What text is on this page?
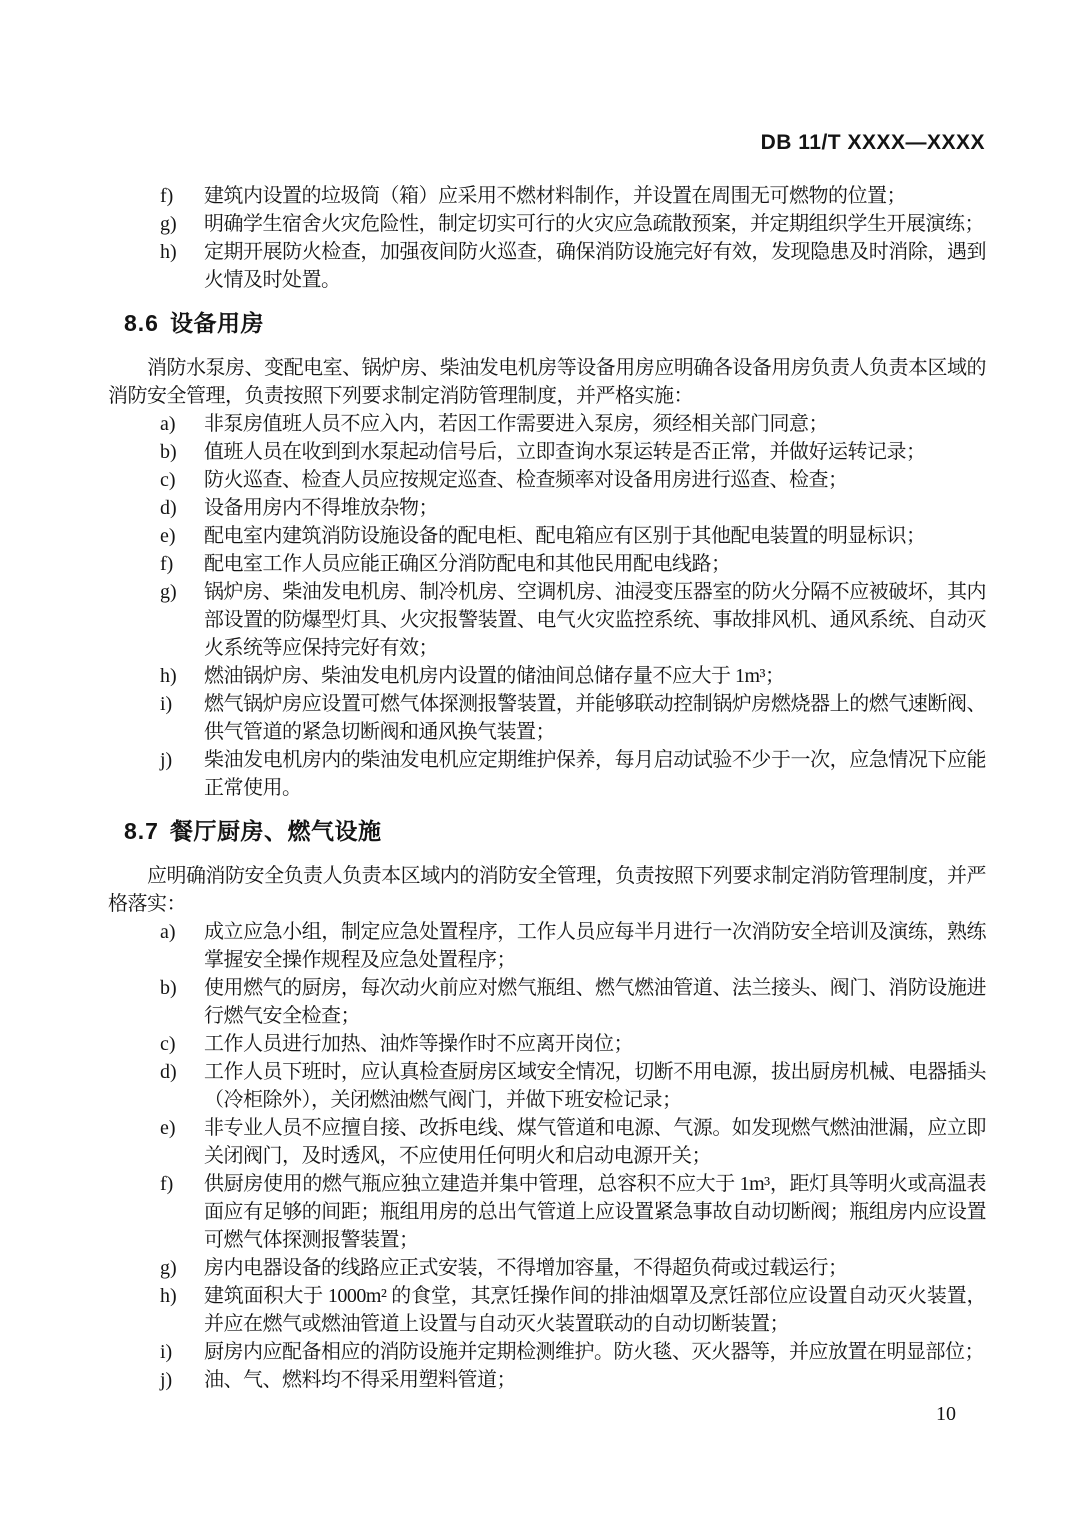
DB 11/T XXXX—XXXX
f)	建筑内设置的垃圾筒（箱）应采用不燃材料制作，并设置在周围无可燃物的位置；
g)	明确学生宿舍火灾危险性，制定切实可行的火灾应急疏散预案，并定期组织学生开展演练；
h)	定期开展防火检查，加强夜间防火巡查，确保消防设施完好有效，发现隐患及时消除，遇到火情及时处置。
8.6 设备用房

消防水泵房、变配电室、锅炉房、柴油发电机房等设备用房应明确各设备用房负责人负责本区域的消防安全管理，负责按照下列要求制定消防管理制度，并严格实施：

a)	非泵房值班人员不应入内，若因工作需要进入泵房，须经相关部门同意；
b)	值班人员在收到到水泵起动信号后，立即查询水泵运转是否正常，并做好运转记录；
c)	防火巡查、检查人员应按规定巡查、检查频率对设备用房进行巡查、检查；
d)	设备用房内不得堆放杂物；
e)	配电室内建筑消防设施设备的配电柜、配电箱应有区别于其他配电装置的明显标识；
f)	配电室工作人员应能正确区分消防配电和其他民用配电线路；
g)	锅炉房、柴油发电机房、制冷机房、空调机房、油浸变压器室的防火分隔不应被破坏，其内部设置的防爆型灯具、火灾报警装置、电气火灾监控系统、事故排风机、通风系统、自动灭火系统等应保持完好有效；
h)	燃油锅炉房、柴油发电机房内设置的储油间总储存量不应大于 1m³；
i)	燃气锅炉房应设置可燃气体探测报警装置，并能够联动控制锅炉房燃烧器上的燃气速断阀、供气管道的紧急切断阀和通风换气装置；
j)	柴油发电机房内的柴油发电机应定期维护保养，每月启动试验不少于一次，应急情况下应能正常使用。
8.7 餐厅厨房、燃气设施

应明确消防安全负责人负责本区域内的消防安全管理，负责按照下列要求制定消防管理制度，并严格落实：

a)	成立应急小组，制定应急处置程序，工作人员应每半月进行一次消防安全培训及演练，熟练掌握安全操作规程及应急处置程序；
b)	使用燃气的厨房，每次动火前应对燃气瓶组、燃气燃油管道、法兰接头、阀门、消防设施进行燃气安全检查；
c)	工作人员进行加热、油炸等操作时不应离开岗位；
d)	工作人员下班时，应认真检查厨房区域安全情况，切断不用电源，拔出厨房机械、电器插头（冷柜除外），关闭燃油燃气阀门，并做下班安检记录；
e)	非专业人员不应擅自接、改拆电线、煤气管道和电源、气源。如发现燃气燃油泄漏，应立即关闭阀门，及时透风，不应使用任何明火和启动电源开关；
f)	供厨房使用的燃气瓶应独立建造并集中管理，总容积不应大于 1m³，距灯具等明火或高温表面应有足够的间距；瓶组用房的总出气管道上应设置紧急事故自动切断阀；瓶组房内应设置可燃气体探测报警装置；
g)	房内电器设备的线路应正式安装，不得增加容量，不得超负荷或过载运行；
h)	建筑面积大于 1000m² 的食堂，其烹饪操作间的排油烟罩及烹饪部位应设置自动灭火装置，并应在燃气或燃油管道上设置与自动灭火装置联动的自动切断装置；
i)	厨房内应配备相应的消防设施并定期检测维护。防火毯、灭火器等，并应放置在明显部位；
j)	油、气、燃料均不得采用塑料管道；
10
